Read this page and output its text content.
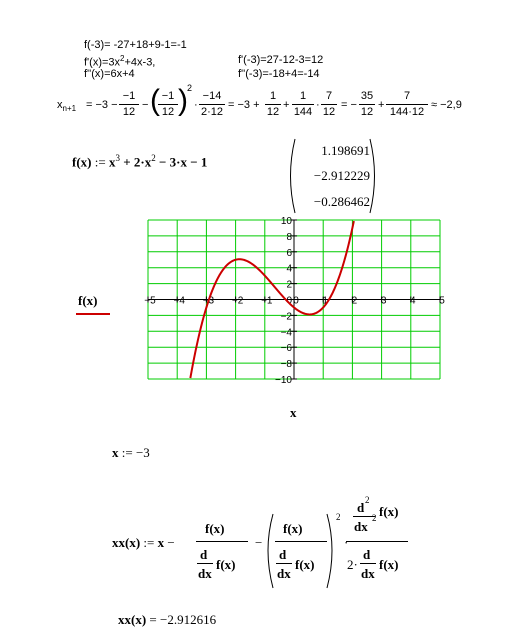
f(-3)= -27+18+9-1=-1
$f'(x)=3x^2+4x-3$,	f'(-3)=27-12-3=12
f''(x)=6x+4	f''(-3)=-18+4=-14
$x_{n+1} = -3$ −
−1
12
− ( −1
12 ) 2
·
−14
2·12
= −3 +
1
12
+
1
144
·
7
12
= −
35
12
+
7
144·12
≈ −2,9
f(x) := $x^3 + 2\cdot x^2 - 3\cdot x - 1$
1.198691
−2.912229
−0.286462
−5 −4 −3 −2 −1 0 1 2 3 4 5
10
8
6
4
2
0
−2
−4
−6
−8
−10
f(x)
x
x := −3
xx(x) := x −
f(x)
d
dx
f(x)
−
f(x)
d
dx
f(x)
2
·
d 2
dx
2 f(x)
2·
d
dx
f(x)
xx(x) = −2.912616
